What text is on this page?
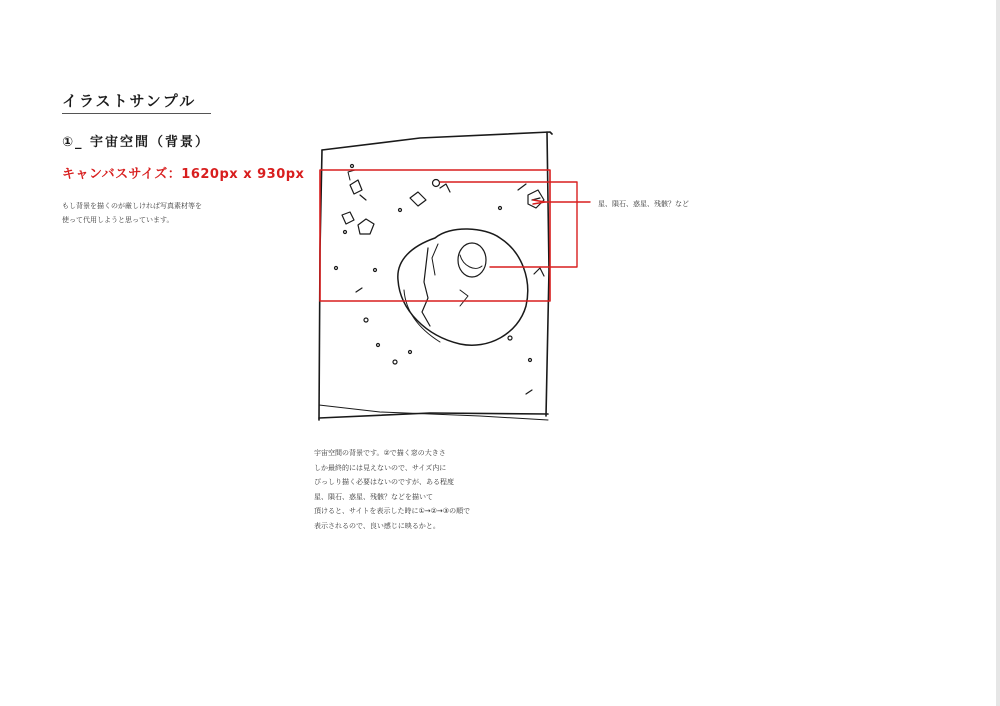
イラストサンプル
①_ 宇宙空間（背景）
キャンバスサイズ：1620px x 930px

もし背景を描くのが厳しければ写真素材等を

使って代用しようと思っています。

星、隕石、惑星、残骸？など

宇宙空間の背景です。②で描く窓の大きさ

しか最終的には見えないので、サイズ内に

ぴっしり描く必要はないのですが、ある程度

星、隕石、惑星、残骸？などを描いて

頂けると、サイトを表示した時に①→②→③の順で

表示されるので、良い感じに映るかと。
